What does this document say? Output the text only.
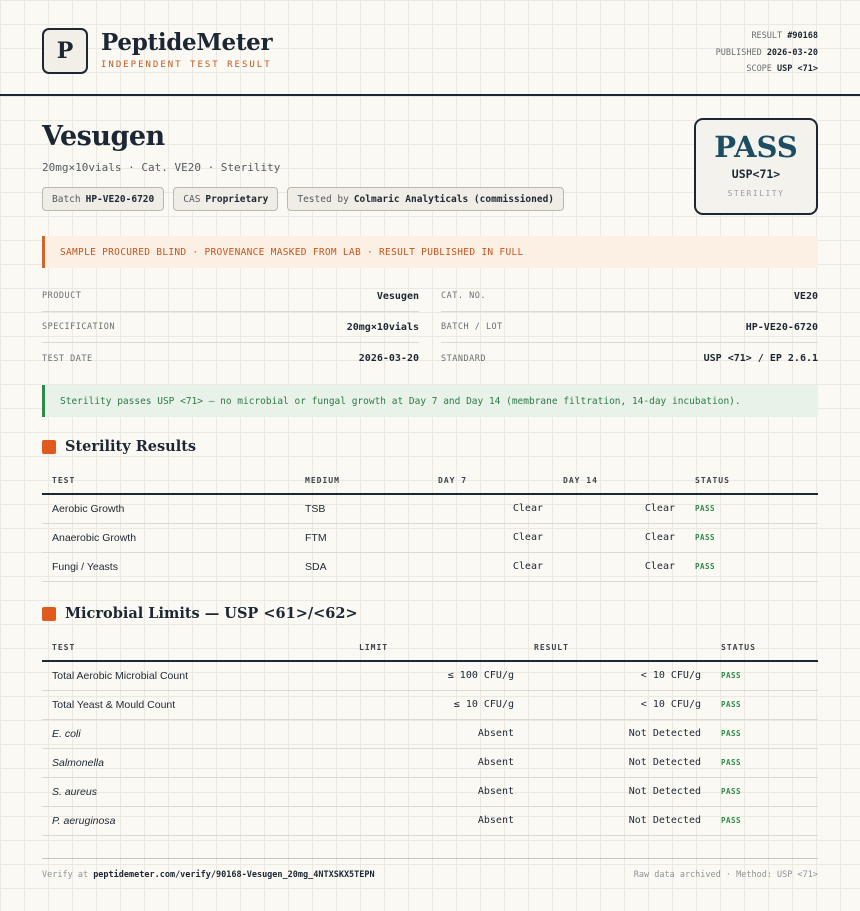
P	PeptideMeter
INDEPENDENT TEST RESULT
RESULT #90168
PUBLISHED 2026-03-20
SCOPE USP <71>
Vesugen
20mg×10vials · Cat. VE20 · Sterility
Batch HP-VE20-6720	CAS Proprietary	Tested by Colmaric Analyticals (commissioned)
PASS
USP<71>
STERILITY
SAMPLE PROCURED BLIND · PROVENANCE MASKED FROM LAB · RESULT PUBLISHED IN FULL
PRODUCT	Vesugen	CAT. NO.	VE20
SPECIFICATION	20mg×10vials	BATCH / LOT	HP-VE20-6720
TEST DATE	2026-03-20	STANDARD	USP <71> / EP 2.6.1
Sterility passes USP <71> — no microbial or fungal growth at Day 7 and Day 14 (membrane filtration, 14-day incubation).
Sterility Results
TEST	MEDIUM	DAY 7	DAY 14	STATUS
Aerobic Growth	TSB	Clear	Clear	PASS
Anaerobic Growth	FTM	Clear	Clear	PASS
Fungi / Yeasts	SDA	Clear	Clear	PASS
Microbial Limits — USP <61>/<62>
TEST	LIMIT	RESULT	STATUS
Total Aerobic Microbial Count	≤ 100 CFU/g	< 10 CFU/g	PASS
Total Yeast & Mould Count	≤ 10 CFU/g	< 10 CFU/g	PASS
E. coli	Absent	Not Detected	PASS
Salmonella	Absent	Not Detected	PASS
S. aureus	Absent	Not Detected	PASS
P. aeruginosa	Absent	Not Detected	PASS
Verify at peptidemeter.com/verify/90168-Vesugen_20mg_4NTXSKX5TEPN	Raw data archived · Method: USP <71>
